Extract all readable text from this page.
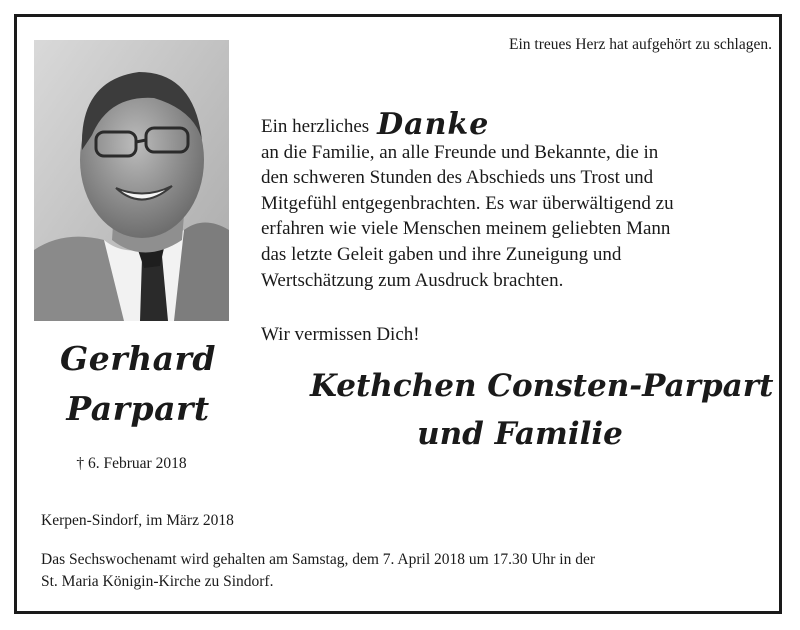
Ein treues Herz hat aufgehört zu schlagen.
Ein herzliches Danke
an die Familie, an alle Freunde und Bekannte, die in
den schweren Stunden des Abschieds uns Trost und
Mitgefühl entgegenbrachten. Es war überwältigend zu
erfahren wie viele Menschen meinem geliebten Mann
das letzte Geleit gaben und ihre Zuneigung und
Wertschätzung zum Ausdruck brachten.
Wir vermissen Dich!
Gerhard
Parpart
† 6. Februar 2018
Kethchen Consten-Parpart
und Familie
Kerpen-Sindorf, im März 2018
Das Sechswochenamt wird gehalten am Samstag, dem 7. April 2018 um 17.30 Uhr in der
St. Maria Königin-Kirche zu Sindorf.
